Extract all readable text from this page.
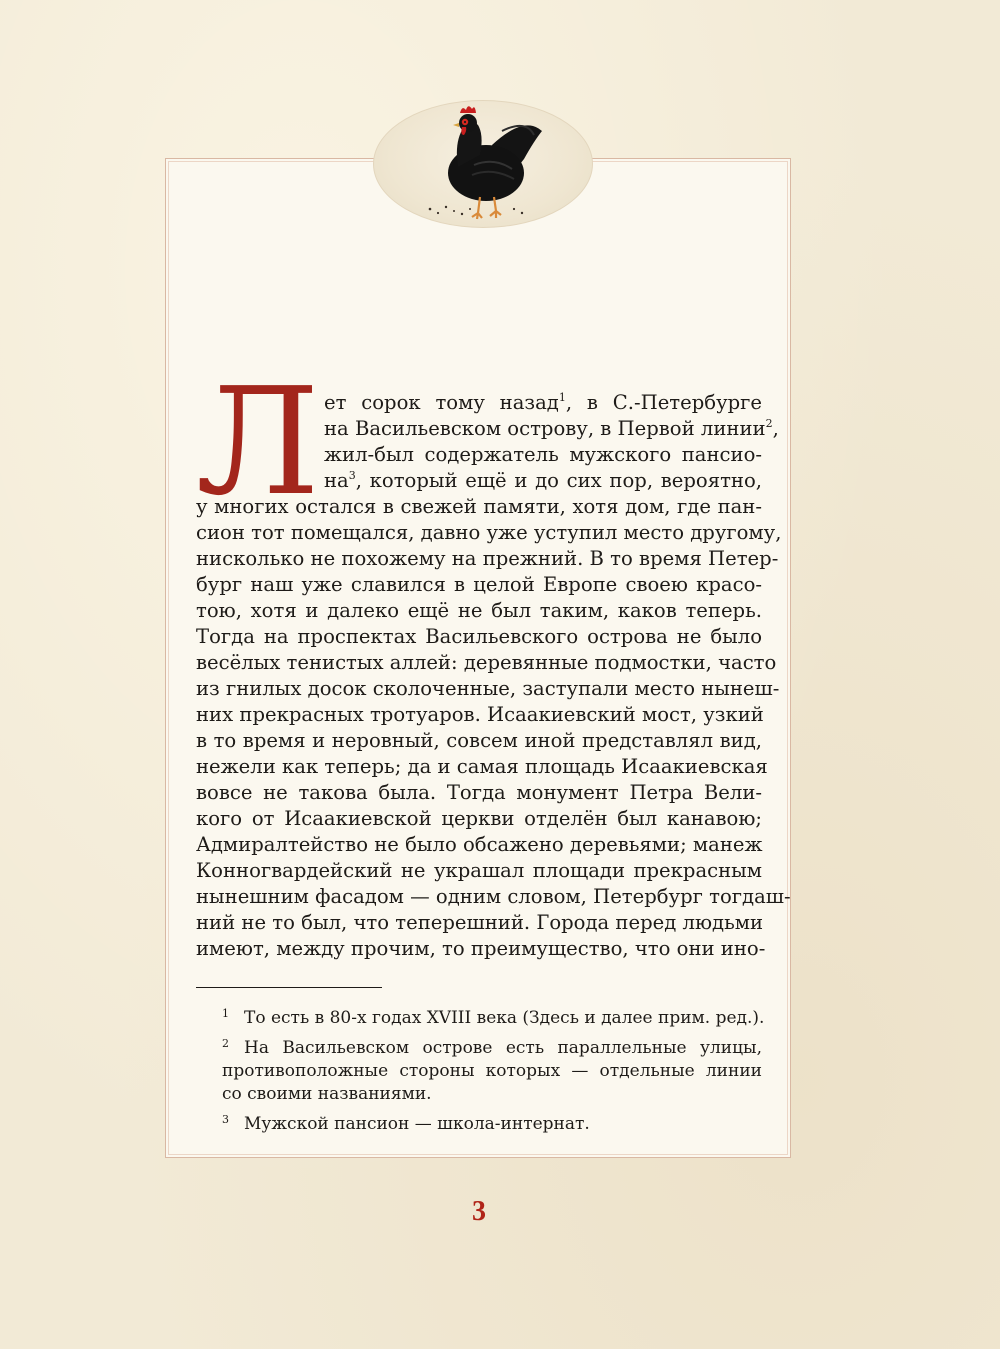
Л ет сорок тому назад$^1$, в С.-Петербурге
на Васильевском острову, в Первой линии$^2$,
жил-был содержатель мужского пансио-
$на^3$, который ещё и до сих пор, вероятно,
у многих остался в свежей памяти, хотя дом, где пан-
сион тот помещался, давно уже уступил место другому,
нисколько не похожему на прежний. В то время Петер-
бург наш уже славился в целой Европе своею красо-
тою, хотя и далеко ещё не был таким, каков теперь.
Тогда на проспектах Васильевского острова не было
весёлых тенистых аллей: деревянные подмостки, часто
из гнилых досок сколоченные, заступали место нынеш-
них прекрасных тротуаров. Исаакиевский мост, узкий
в то время и неровный, совсем иной представлял вид,
нежели как теперь; да и самая площадь Исаакиевская
вовсе не такова была. Тогда монумент Петра Вели-
кого от Исаакиевской церкви отделён был канавою;
Адмиралтейство не было обсажено деревьями; манеж
Конногвардейский не украшал площади прекрасным
нынешним фасадом — одним словом, Петербург тогдаш-
ний не то был, что теперешний. Города перед людьми
имеют, между прочим, то преимущество, что они ино-
1 То есть в 80-х годах XVIII века (Здесь и далее прим. ред.).
2 На Васильевском острове есть параллельные улицы,
противоположные стороны которых — отдельные линии
со своими названиями.
3 Мужской пансион — школа-интернат.
3
